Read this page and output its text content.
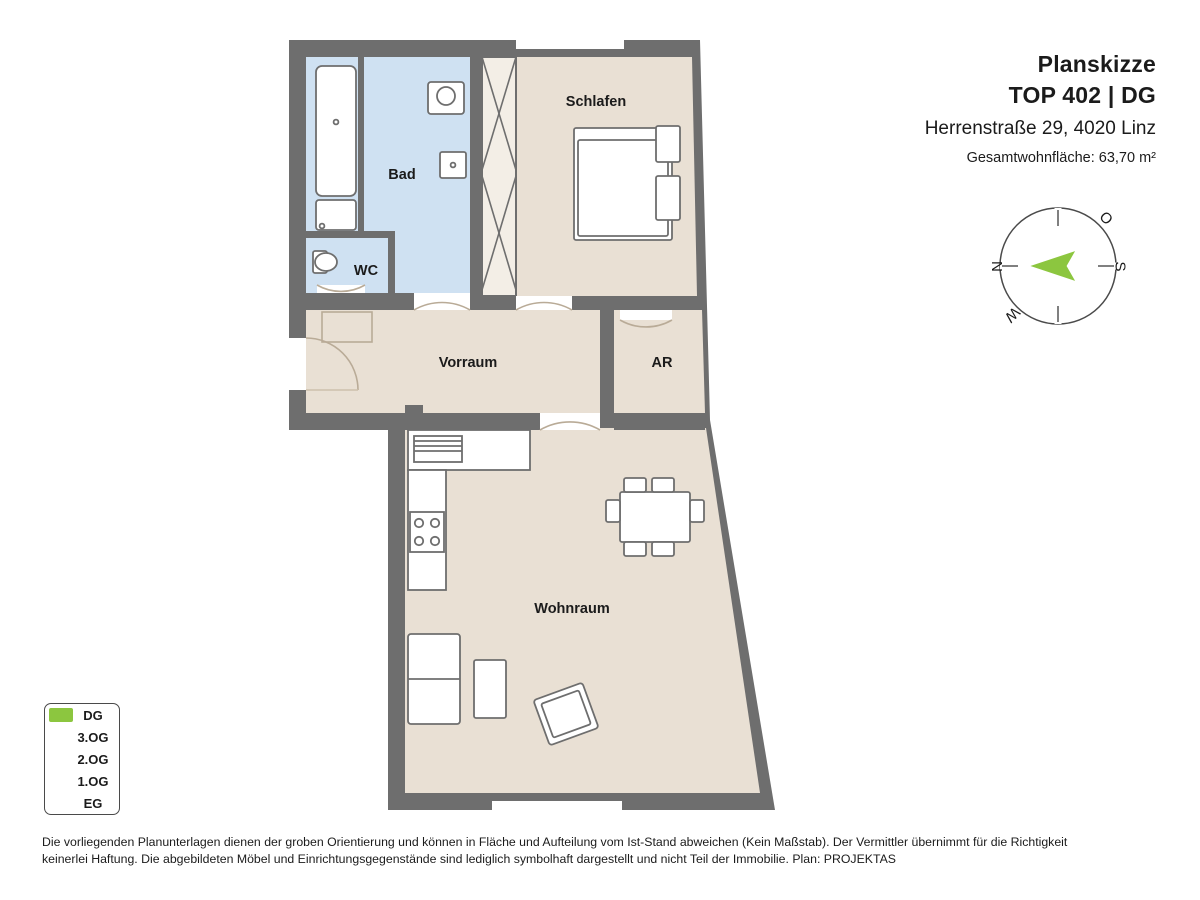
Bad
WC
Schlafen
Vorraum	AR
Wohnraum
Planskizze
TOP 402 | DG
Herrenstraße 29, 4020 Linz
Gesamtwohnfläche: 63,70 m²
O
S
W
N
DG
3.OG
2.OG
1.OG
EG
Die vorliegenden Planunterlagen dienen der groben Orientierung und können in Fläche und Aufteilung vom Ist-Stand abweichen (Kein Maßstab). Der Vermittler übernimmt für die Richtigkeit
keinerlei Haftung. Die abgebildeten Möbel und Einrichtungsgegenstände sind lediglich symbolhaft dargestellt und nicht Teil der Immobilie. Plan: PROJEKTAS
